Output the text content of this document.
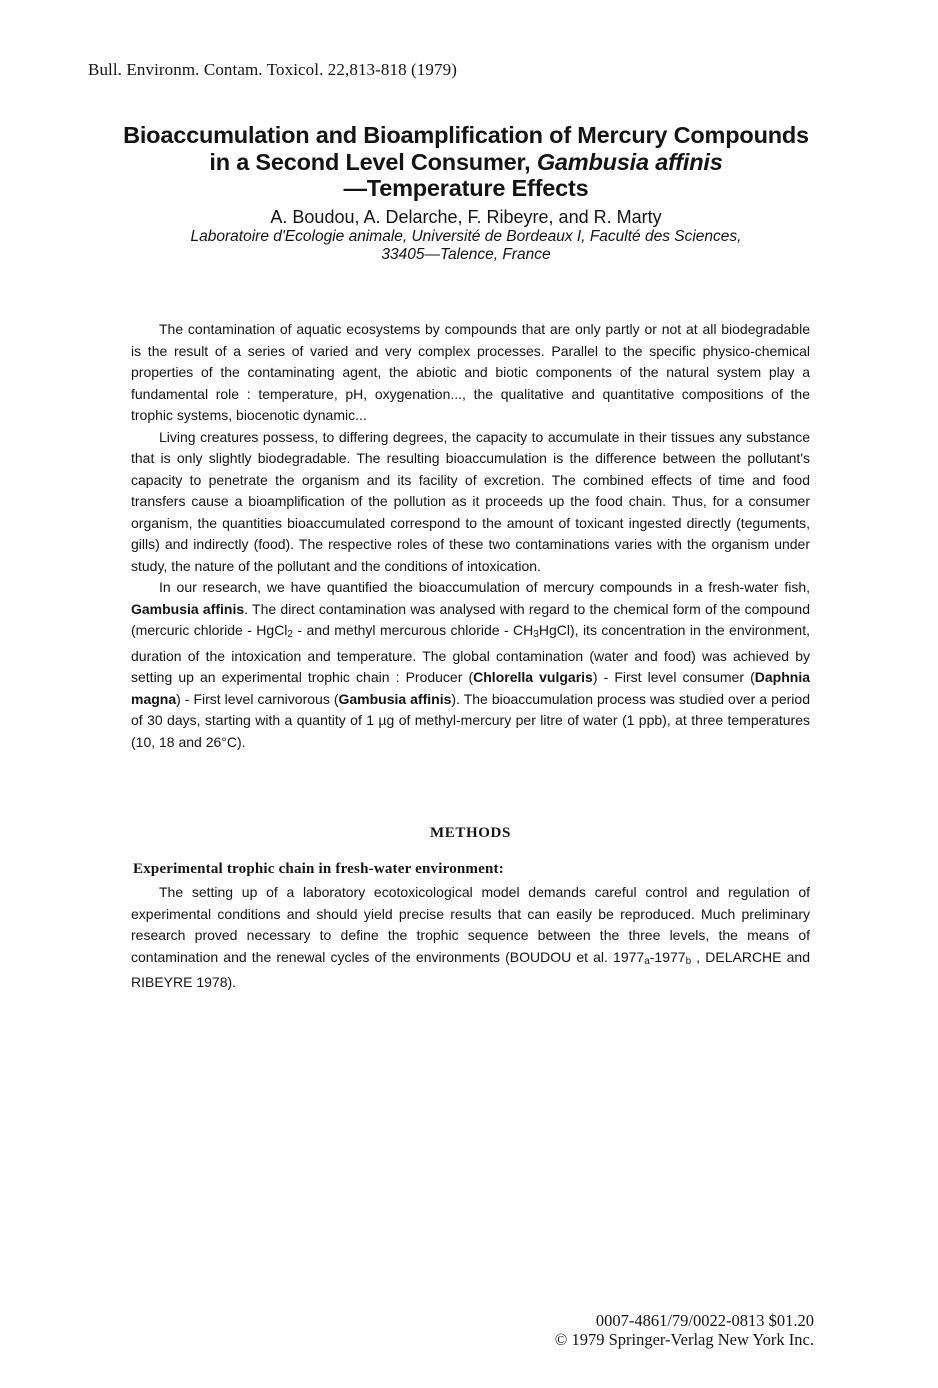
Bull. Environm. Contam. Toxicol. 22,813-818 (1979)
Bioaccumulation and Bioamplification of Mercury Compounds
in a Second Level Consumer, Gambusia affinis
—Temperature Effects
A. Boudou, A. Delarche, F. Ribeyre, and R. Marty
Laboratoire d'Ecologie animale, Université de Bordeaux I, Faculté des Sciences,
33405—Talence, France

The contamination of aquatic ecosystems by compounds that are only partly or not at all biodegradable is the result of a series of varied and very complex processes. Parallel to the specific physico-chemical properties of the contaminating agent, the abiotic and biotic components of the natural system play a fundamental role : temperature, pH, oxygenation..., the qualitative and quantitative compositions of the trophic systems, biocenotic dynamic...

Living creatures possess, to differing degrees, the capacity to accumulate in their tissues any substance that is only slightly biodegradable. The resulting bioaccumulation is the difference between the pollutant's capacity to penetrate the organism and its facility of excretion. The combined effects of time and food transfers cause a bioamplification of the pollution as it proceeds up the food chain. Thus, for a consumer organism, the quantities bioaccumulated correspond to the amount of toxicant ingested directly (teguments, gills) and indirectly (food). The respective roles of these two contaminations varies with the organism under study, the nature of the pollutant and the conditions of intoxication.

In our research, we have quantified the bioaccumulation of mercury compounds in a fresh-water fish, Gambusia affinis. The direct contamination was analysed with regard to the chemical form of the compound (mercuric chloride - HgCl$_2$ - and methyl mercurous chloride - $CH_3HgCl$), its concentration in the environment, duration of the intoxication and temperature. The global contamination (water and food) was achieved by setting up an experimental trophic chain : Producer (Chlorella vulgaris) - First level consumer (Daphnia magna) - First level carnivorous (Gambusia affinis). The bioaccumulation process was studied over a period of 30 days, starting with a quantity of 1 µg of methyl-mercury per litre of water (1 ppb), at three temperatures (10, 18 and 26°C).

METHODS
Experimental trophic chain in fresh-water environment:

The setting up of a laboratory ecotoxicological model demands careful control and regulation of experimental conditions and should yield precise results that can easily be reproduced. Much preliminary research proved necessary to define the trophic sequence between the three levels, the means of contamination and the renewal cycles of the environments (BOUDOU et al. $1977_a-1977_b$ , DELARCHE and RIBEYRE 1978).

0007-4861/79/0022-0813 $01.20
© 1979 Springer-Verlag New York Inc.
